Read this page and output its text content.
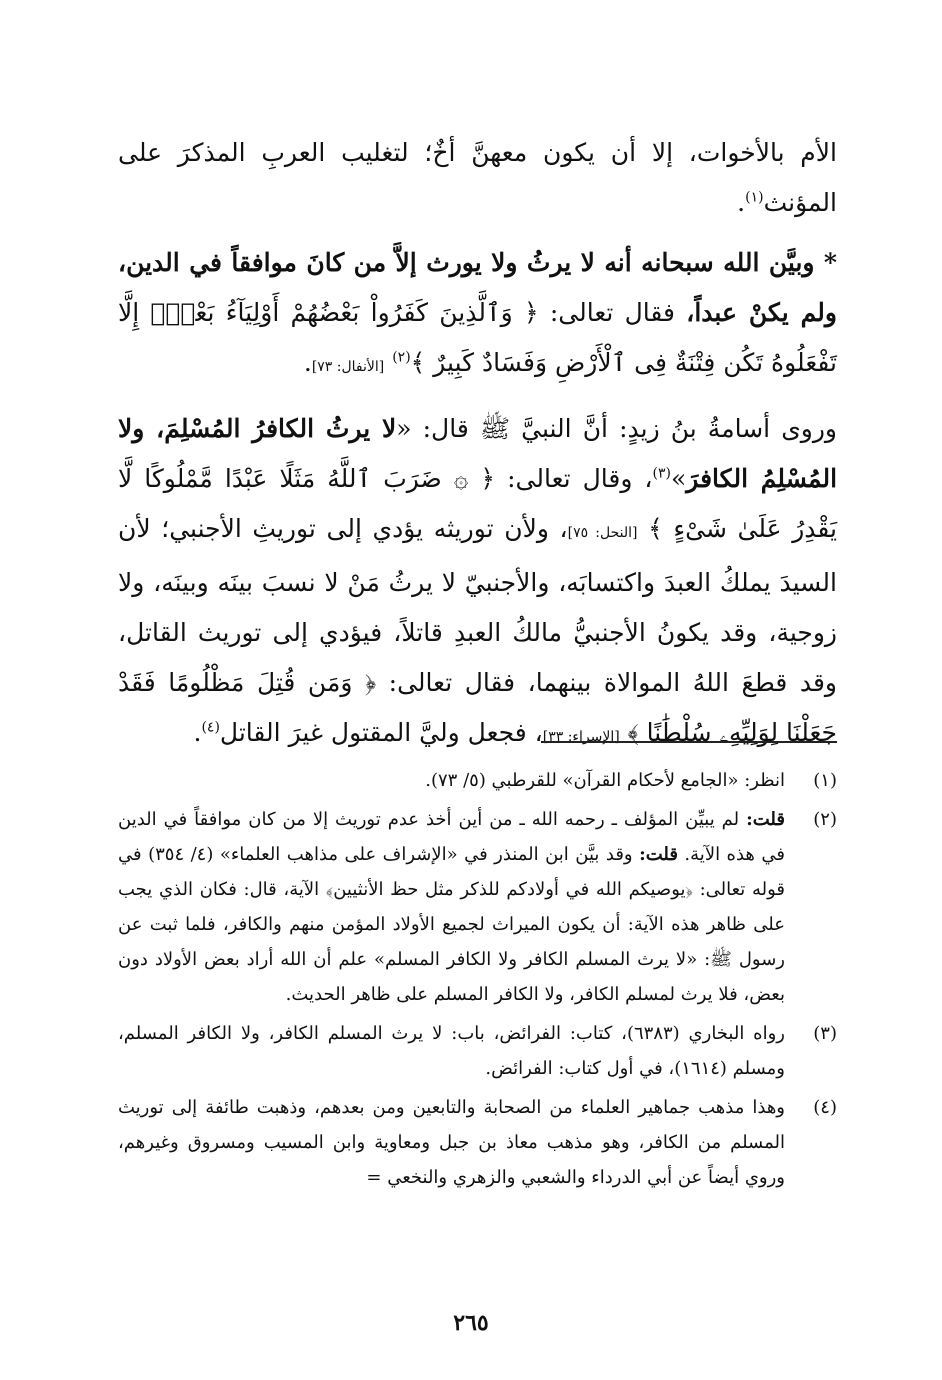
الأم بالأخوات، إلا أن يكون معهنَّ أخٌ؛ لتغليب العربِ المذكرَ على المؤنث$^{(١)}$.

* وبيَّن الله سبحانه أنه لا يرثُ ولا يورث إلاَّ من كانَ موافقاً في الدين، ولم يكنْ عبداً، فقال تعالى: ﴿ وَٱلَّذِينَ كَفَرُواْ بَعْضُهُمْ أَوْلِيَآءُ بَعْضٍۚ إِلَّا تَفْعَلُوهُ تَكُن فِتْنَةٌ فِى ٱلْأَرْضِ وَفَسَادٌ كَبِيرٌ ﴾$^{(٢)}$ [الأنفال: ٧٣].

وروى أسامةُ بنُ زيدٍ: أنَّ النبيَّ ﷺ قال: «لا يرثُ الكافرُ المُسْلِمَ، ولا المُسْلِمُ الكافرَ»$^{(٣)}$، وقال تعالى: ﴿ ۞ ضَرَبَ ٱللَّهُ مَثَلًا عَبْدًا مَّمْلُوكًا لَّا يَقْدِرُ عَلَىٰ شَىْءٍ ﴾ [النحل: ٧٥]، ولأن توريثه يؤدي إلى توريثِ الأجنبي؛ لأن السيدَ يملكُ العبدَ واكتسابَه، والأجنبيّ لا يرثُ مَنْ لا نسبَ بينَه وبينَه، ولا زوجية، وقد يكونُ الأجنبيُّ مالكُ العبدِ قاتلاً، فيؤدي إلى توريث القاتل، وقد قطعَ اللهُ الموالاة بينهما، فقال تعالى: ﴿ وَمَن قُتِلَ مَظْلُومًا فَقَدْ جَعَلْنَا لِوَلِيِّهِۦ سُلْطَٰنًا ﴾ [الإسراء: ٣٣]، فجعل وليَّ المقتول غيرَ القاتل$^{(٤)}$.

(١)
انظر: «الجامع لأحكام القرآن» للقرطبي (٥/ ٧٣).
(٢)
قلت: لم يبيِّن المؤلف ـ رحمه الله ـ من أين أخذ عدم توريث إلا من كان موافقاً في الدين في هذه الآية. قلت: وقد بيَّن ابن المنذر في «الإشراف على مذاهب العلماء» (٤/ ٣٥٤) في قوله تعالى: ﴿يوصيكم الله في أولادكم للذكر مثل حظ الأنثيين﴾ الآية، قال: فكان الذي يجب على ظاهر هذه الآية: أن يكون الميراث لجميع الأولاد المؤمن منهم والكافر، فلما ثبت عن رسول ﷺ: «لا يرث المسلم الكافر ولا الكافر المسلم» علم أن الله أراد بعض الأولاد دون بعض، فلا يرث لمسلم الكافر، ولا الكافر المسلم على ظاهر الحديث.
(٣)
رواه البخاري (٦٣٨٣)، كتاب: الفرائض، باب: لا يرث المسلم الكافر، ولا الكافر المسلم، ومسلم (١٦١٤)، في أول كتاب: الفرائض.
(٤)
وهذا مذهب جماهير العلماء من الصحابة والتابعين ومن بعدهم، وذهبت طائفة إلى توريث المسلم من الكافر، وهو مذهب معاذ بن جبل ومعاوية وابن المسيب ومسروق وغيرهم، وروي أيضاً عن أبي الدرداء والشعبي والزهري والنخعي =
٢٦٥
